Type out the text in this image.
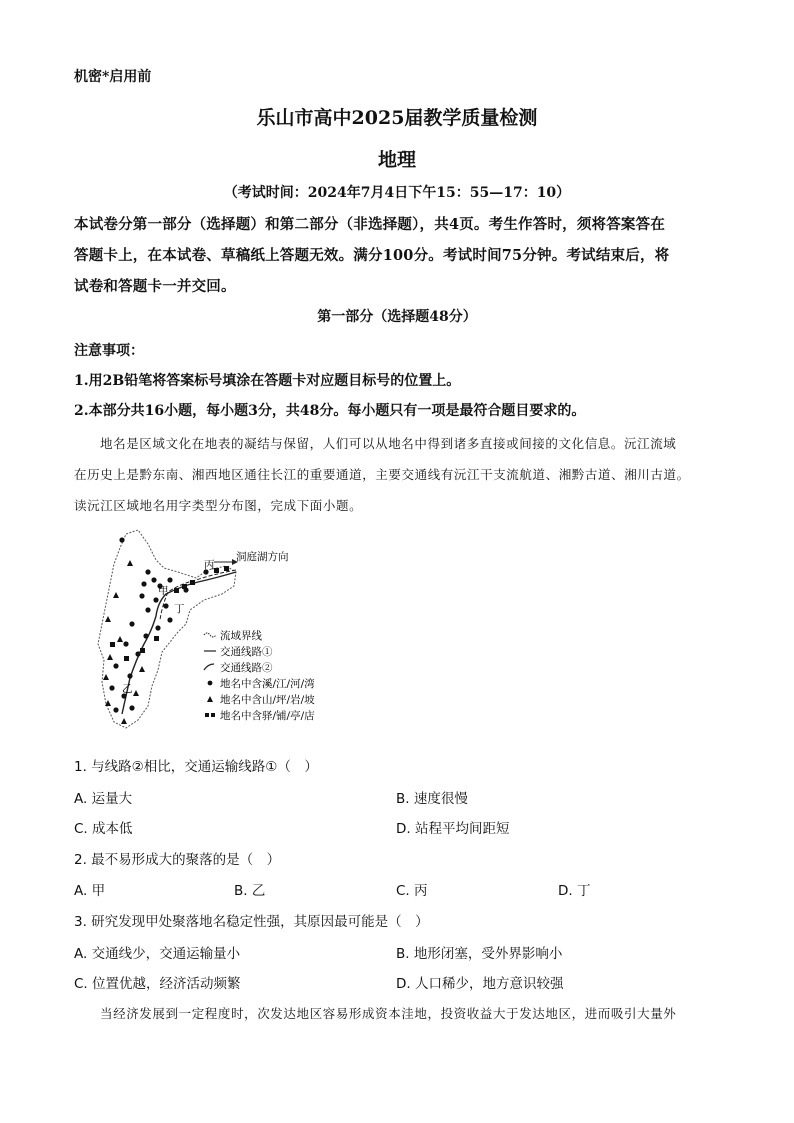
机密*启用前
乐山市高中2025届教学质量检测
地理
（考试时间：2024年7月4日下午15：55—17：10）
本试卷分第一部分（选择题）和第二部分（非选择题），共4页。考生作答时，须将答案答在
答题卡上，在本试卷、草稿纸上答题无效。满分100分。考试时间75分钟。考试结束后，将
试卷和答题卡一并交回。
第一部分（选择题48分）
注意事项：
1.用2B铅笔将答案标号填涂在答题卡对应题目标号的位置上。
2.本部分共16小题，每小题3分，共48分。每小题只有一项是最符合题目要求的。
地名是区域文化在地表的凝结与保留，人们可以从地名中得到诸多直接或间接的文化信息。沅江流域
在历史上是黔东南、湘西地区通往长江的重要通道，主要交通线有沅江干支流航道、湘黔古道、湘川古道。
读沅江区域地名用字类型分布图，完成下面小题。
洞庭湖方向
丙
甲
丁
乙
流域界线
交通线路①
交通线路②
地名中含溪/江/河/湾
地名中含山/坪/岩/坡
地名中含驿/铺/亭/店
1. 与线路②相比，交通运输线路①（　）
A. 运量大	B. 速度很慢
C. 成本低	D. 站程平均间距短
2. 最不易形成大的聚落的是（　）
A. 甲	B. 乙	C. 丙	D. 丁
3. 研究发现甲处聚落地名稳定性强，其原因最可能是（　）
A. 交通线少，交通运输量小	B. 地形闭塞，受外界影响小
C. 位置优越，经济活动频繁	D. 人口稀少，地方意识较强
当经济发展到一定程度时，次发达地区容易形成资本洼地，投资收益大于发达地区，进而吸引大量外
